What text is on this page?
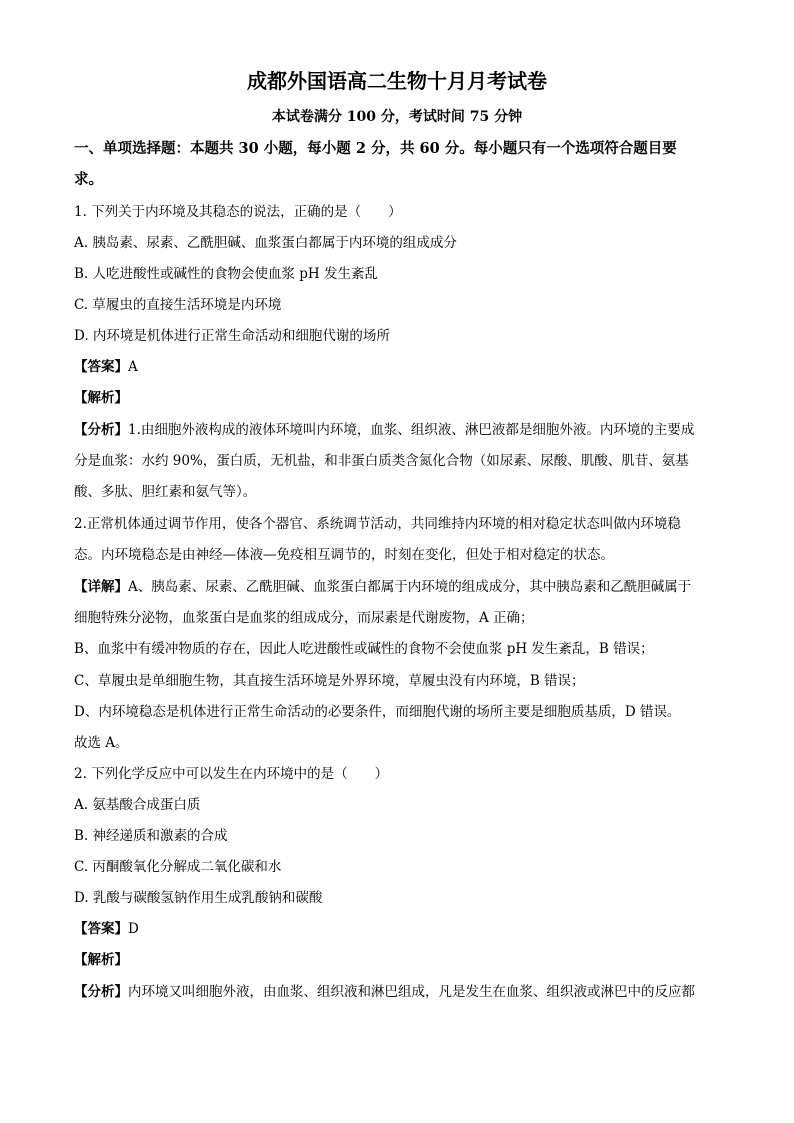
成都外国语高二生物十月月考试卷
本试卷满分 100 分，考试时间 75 分钟
一、单项选择题：本题共 30 小题，每小题 2 分，共 60 分。每小题只有一个选项符合题目要
求。
1. 下列关于内环境及其稳态的说法，正确的是（　　）
A. 胰岛素、尿素、乙酰胆碱、血浆蛋白都属于内环境的组成成分
B. 人吃进酸性或碱性的食物会使血浆 pH 发生紊乱
C. 草履虫的直接生活环境是内环境
D. 内环境是机体进行正常生命活动和细胞代谢的场所
【答案】A
【解析】
【分析】1.由细胞外液构成的液体环境叫内环境，血浆、组织液、淋巴液都是细胞外液。内环境的主要成
分是血浆：水约 90%，蛋白质，无机盐，和非蛋白质类含氮化合物（如尿素、尿酸、肌酸、肌苷、氨基
酸、多肽、胆红素和氨气等）。
2.正常机体通过调节作用，使各个器官、系统调节活动，共同维持内环境的相对稳定状态叫做内环境稳
态。内环境稳态是由神经—体液—免疫相互调节的，时刻在变化，但处于相对稳定的状态。
【详解】A、胰岛素、尿素、乙酰胆碱、血浆蛋白都属于内环境的组成成分，其中胰岛素和乙酰胆碱属于
细胞特殊分泌物，血浆蛋白是血浆的组成成分，而尿素是代谢废物，A 正确；
B、血浆中有缓冲物质的存在，因此人吃进酸性或碱性的食物不会使血浆 pH 发生紊乱，B 错误；
C、草履虫是单细胞生物，其直接生活环境是外界环境，草履虫没有内环境，B 错误；
D、内环境稳态是机体进行正常生命活动的必要条件，而细胞代谢的场所主要是细胞质基质，D 错误。
故选 A。
2. 下列化学反应中可以发生在内环境中的是（　　）
A. 氨基酸合成蛋白质
B. 神经递质和激素的合成
C. 丙酮酸氧化分解成二氧化碳和水
D. 乳酸与碳酸氢钠作用生成乳酸钠和碳酸
【答案】D
【解析】
【分析】内环境又叫细胞外液，由血浆、组织液和淋巴组成，凡是发生在血浆、组织液或淋巴中的反应都
